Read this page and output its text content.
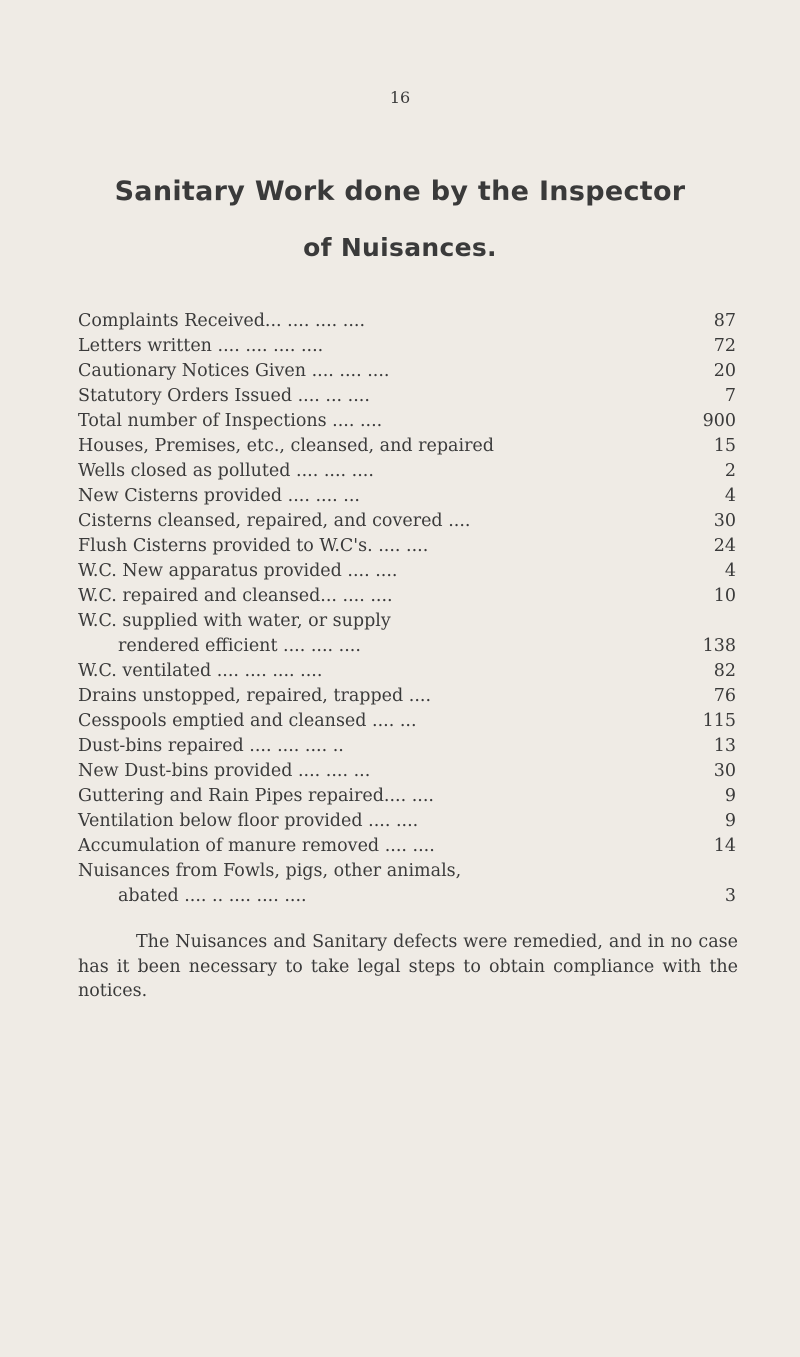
16
Sanitary Work done by the Inspector
of Nuisances.
Complaints Received... .... .... ....	87
Letters written .... .... .... ....	72
Cautionary Notices Given .... .... ....	20
Statutory Orders Issued .... ... ....	7
Total number of Inspections .... ....	900
Houses, Premises, etc., cleansed, and repaired	15
Wells closed as polluted .... .... ....	2
New Cisterns provided .... .... ...	4
Cisterns cleansed, repaired, and covered ....	30
Flush Cisterns provided to W.C's. .... ....	24
W.C. New apparatus provided .... ....	4
W.C. repaired and cleansed... .... ....	10
W.C. supplied with water, or supply
rendered efficient .... .... ....	138
W.C. ventilated .... .... .... ....	82
Drains unstopped, repaired, trapped ....	76
Cesspools emptied and cleansed .... ...	115
Dust-bins repaired .... .... .... ..	13
New Dust-bins provided .... .... ...	30
Guttering and Rain Pipes repaired.... ....	9
Ventilation below floor provided .... ....	9
Accumulation of manure removed .... ....	14
Nuisances from Fowls, pigs, other animals,
abated .... .. .... .... ....	3
The Nuisances and Sanitary defects were remedied, and in no case has it been necessary to take legal steps to obtain compliance with the notices.
